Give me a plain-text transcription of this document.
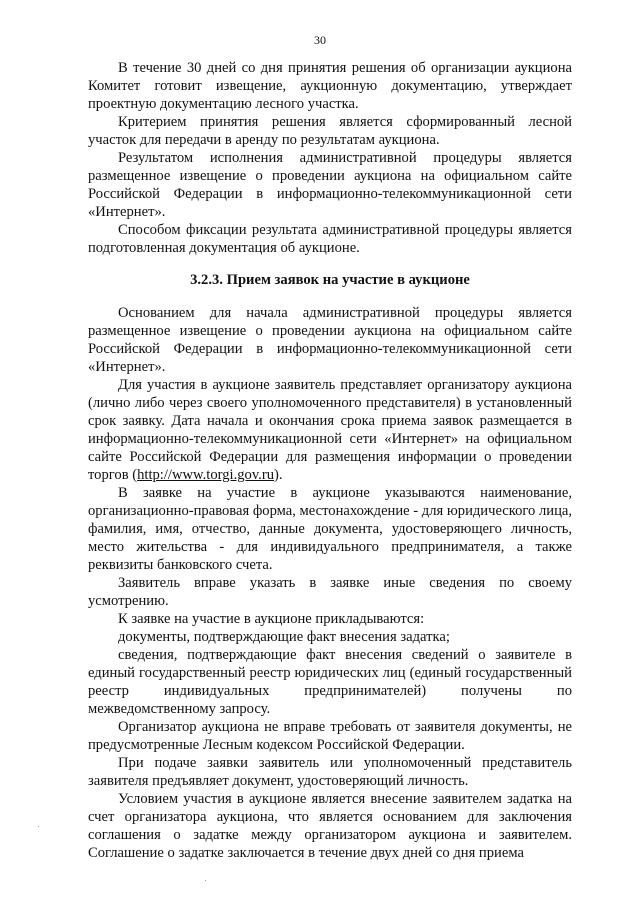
30

В течение 30 дней со дня принятия решения об организации аукциона Комитет готовит извещение, аукционную документацию, утверждает проектную документацию лесного участка.

Критерием принятия решения является сформированный лесной участок для передачи в аренду по результатам аукциона.

Результатом исполнения административной процедуры является размещенное извещение о проведении аукциона на официальном сайте Российской Федерации в информационно-телекоммуникационной сети «Интернет».

Способом фиксации результата административной процедуры является подготовленная документация об аукционе.

3.2.3. Прием заявок на участие в аукционе

Основанием для начала административной процедуры является размещенное извещение о проведении аукциона на официальном сайте Российской Федерации в информационно-телекоммуникационной сети «Интернет».

Для участия в аукционе заявитель представляет организатору аукциона (лично либо через своего уполномоченного представителя) в установленный срок заявку. Дата начала и окончания срока приема заявок размещается в информационно-телекоммуникационной сети «Интернет» на официальном сайте Российской Федерации для размещения информации о проведении торгов (http://www.torgi.gov.ru).

В заявке на участие в аукционе указываются наименование, организационно-правовая форма, местонахождение - для юридического лица, фамилия, имя, отчество, данные документа, удостоверяющего личность, место жительства - для индивидуального предпринимателя, а также реквизиты банковского счета.

Заявитель вправе указать в заявке иные сведения по своему усмотрению.

К заявке на участие в аукционе прикладываются:

документы, подтверждающие факт внесения задатка;

сведения, подтверждающие факт внесения сведений о заявителе в единый государственный реестр юридических лиц (единый государственный реестр индивидуальных предпринимателей) получены по межведомственному запросу.

Организатор аукциона не вправе требовать от заявителя документы, не предусмотренные Лесным кодексом Российской Федерации.

При подаче заявки заявитель или уполномоченный представитель заявителя предъявляет документ, удостоверяющий личность.

Условием участия в аукционе является внесение заявителем задатка на счет организатора аукциона, что является основанием для заключения соглашения о задатке между организатором аукциона и заявителем. Соглашение о задатке заключается в течение двух дней со дня приема
